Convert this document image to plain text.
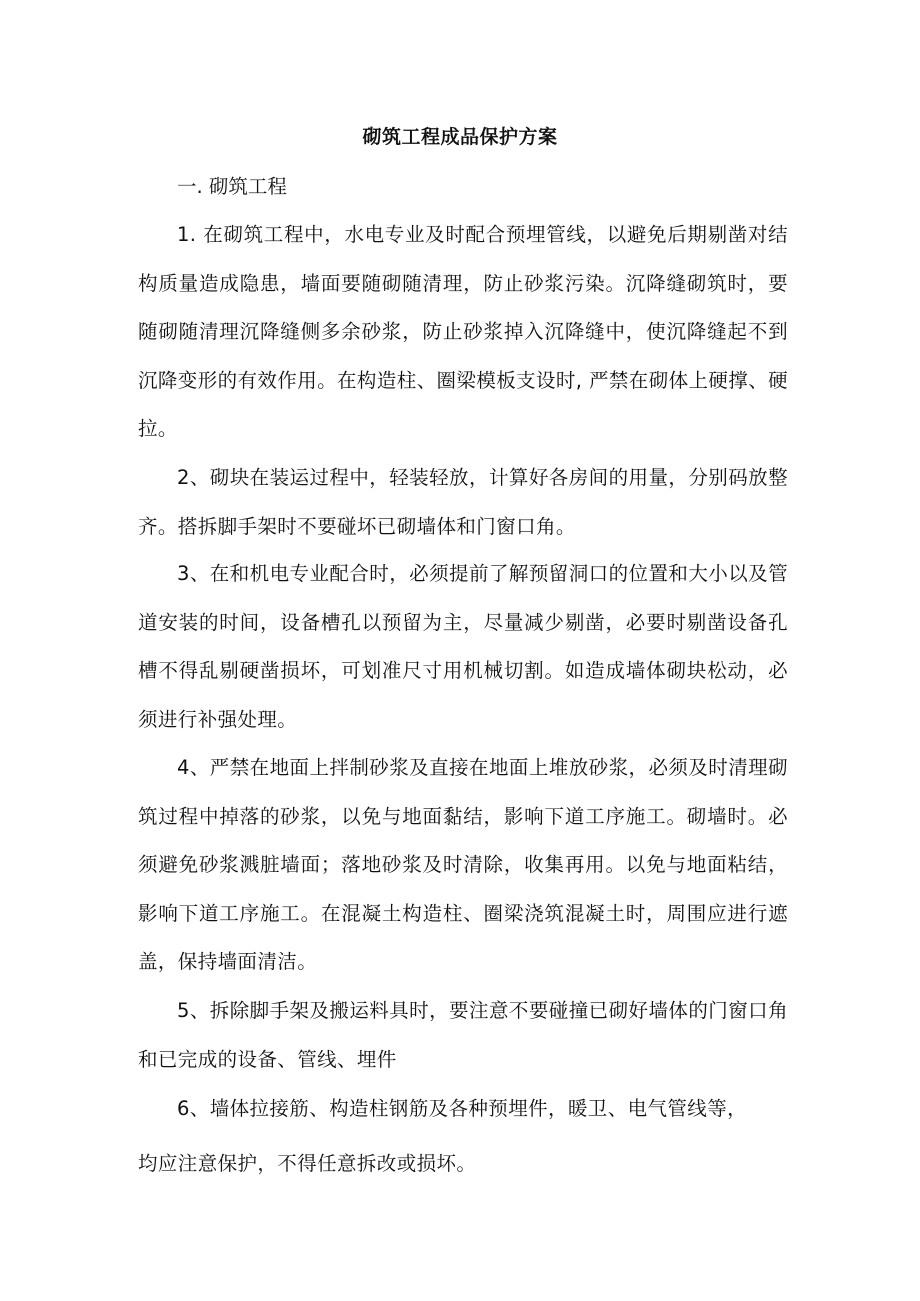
砌筑工程成品保护方案
一. 砌筑工程

1. 在砌筑工程中，水电专业及时配合预埋管线，以避免后期剔凿对结构质量造成隐患，墙面要随砌随清理，防止砂浆污染。沉降缝砌筑时，要随砌随清理沉降缝侧多余砂浆，防止砂浆掉入沉降缝中，使沉降缝起不到沉降变形的有效作用。在构造柱、圈梁模板支设时, 严禁在砌体上硬撑、硬拉。

2、砌块在装运过程中，轻装轻放，计算好各房间的用量，分别码放整齐。搭拆脚手架时不要碰坏已砌墙体和门窗口角。

3、在和机电专业配合时，必须提前了解预留洞口的位置和大小以及管道安装的时间，设备槽孔以预留为主，尽量减少剔凿，必要时剔凿设备孔槽不得乱剔硬凿损坏，可划准尺寸用机械切割。如造成墙体砌块松动，必须进行补强处理。

4、严禁在地面上拌制砂浆及直接在地面上堆放砂浆，必须及时清理砌筑过程中掉落的砂浆，以免与地面黏结，影响下道工序施工。砌墙时。必须避免砂浆溅脏墙面；落地砂浆及时清除，收集再用。以免与地面粘结，影响下道工序施工。在混凝土构造柱、圈梁浇筑混凝土时，周围应进行遮盖，保持墙面清洁。

5、拆除脚手架及搬运料具时，要注意不要碰撞已砌好墙体的门窗口角和已完成的设备、管线、埋件

6、墙体拉接筋、构造柱钢筋及各种预埋件，暖卫、电气管线等，
均应注意保护，不得任意拆改或损坏。
